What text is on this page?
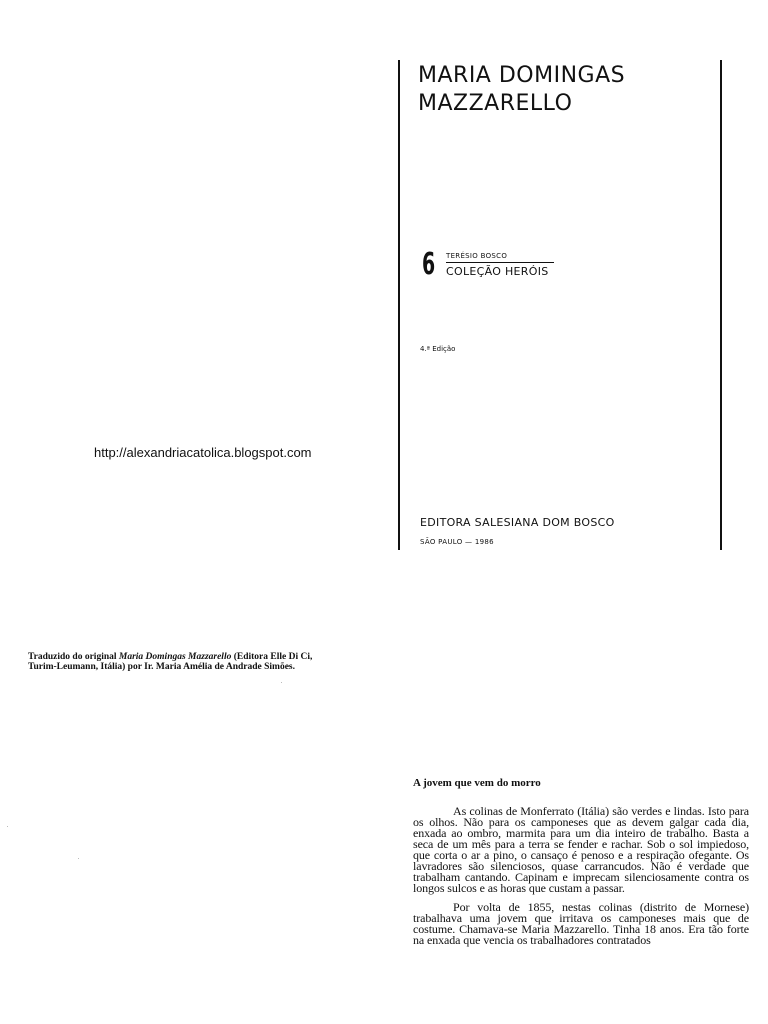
MARIA DOMINGAS
MAZZARELLO
6 TERÉSIO BOSCO
COLEÇÃO HERÓIS
4.ª Edição
EDITORA SALESIANA DOM BOSCO
SÃO PAULO — 1986
http://alexandriacatolica.blogspot.com

Traduzido do original Maria Domingas Mazzarello (Editora Elle Di Ci, Turim-Leumann, Itália) por Ir. Maria Amélia de Andrade Simões.

A jovem que vem do morro

As colinas de Monferrato (Itália) são verdes e lindas. Isto para os olhos. Não para os camponeses que as devem galgar cada dia, enxada ao ombro, marmita para um dia inteiro de trabalho. Basta a seca de um mês para a terra se fender e rachar. Sob o sol impiedoso, que corta o ar a pino, o cansaço é penoso e a respiração ofegante. Os lavradores são silenciosos, quase carrancudos. Não é verdade que trabalham cantando. Capinam e imprecam silenciosamente contra os longos sulcos e as horas que custam a passar.

Por volta de 1855, nestas colinas (distrito de Mornese) trabalhava uma jovem que irritava os camponeses mais que de costume. Chamava-se Maria Mazzarello. Tinha 18 anos. Era tão forte na enxada que vencia os trabalhadores contratados
